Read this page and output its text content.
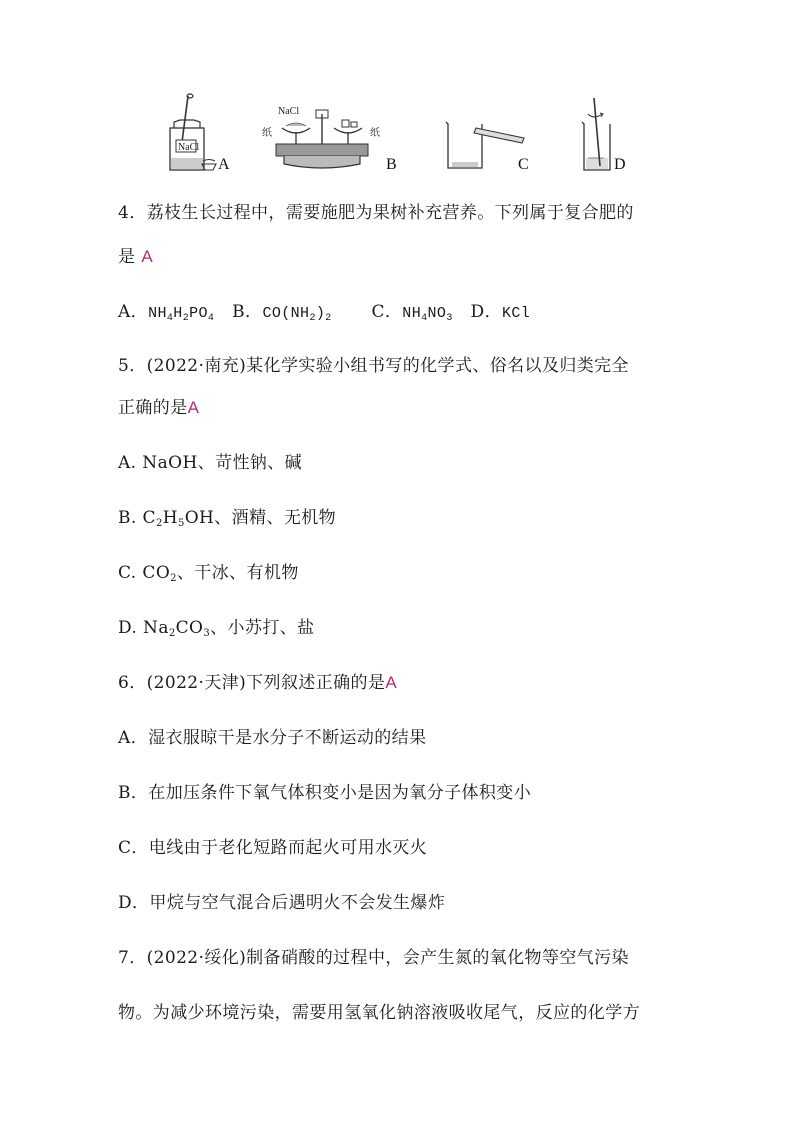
NaCl
A
NaCl
纸	纸
B	C	D
4．荔枝生长过程中，需要施肥为果树补充营养。下列属于复合肥的
是 A
A．$NH_4H_2PO_4$ B．$CO(NH_2)_2$ C．$NH_4NO_3$ D．KCl
5．(2022·南充)某化学实验小组书写的化学式、俗名以及归类完全
正确的是A
A. NaOH、苛性钠、碱
B. $C_2H_5OH$、酒精、无机物
C. $CO_2$、干冰、有机物
D. $Na_2CO_3$、小苏打、盐
6．(2022·天津)下列叙述正确的是A
A．湿衣服晾干是水分子不断运动的结果
B．在加压条件下氧气体积变小是因为氧分子体积变小
C．电线由于老化短路而起火可用水灭火
D．甲烷与空气混合后遇明火不会发生爆炸
7．(2022·绥化)制备硝酸的过程中，会产生氮的氧化物等空气污染
物。为减少环境污染，需要用氢氧化钠溶液吸收尾气，反应的化学方
